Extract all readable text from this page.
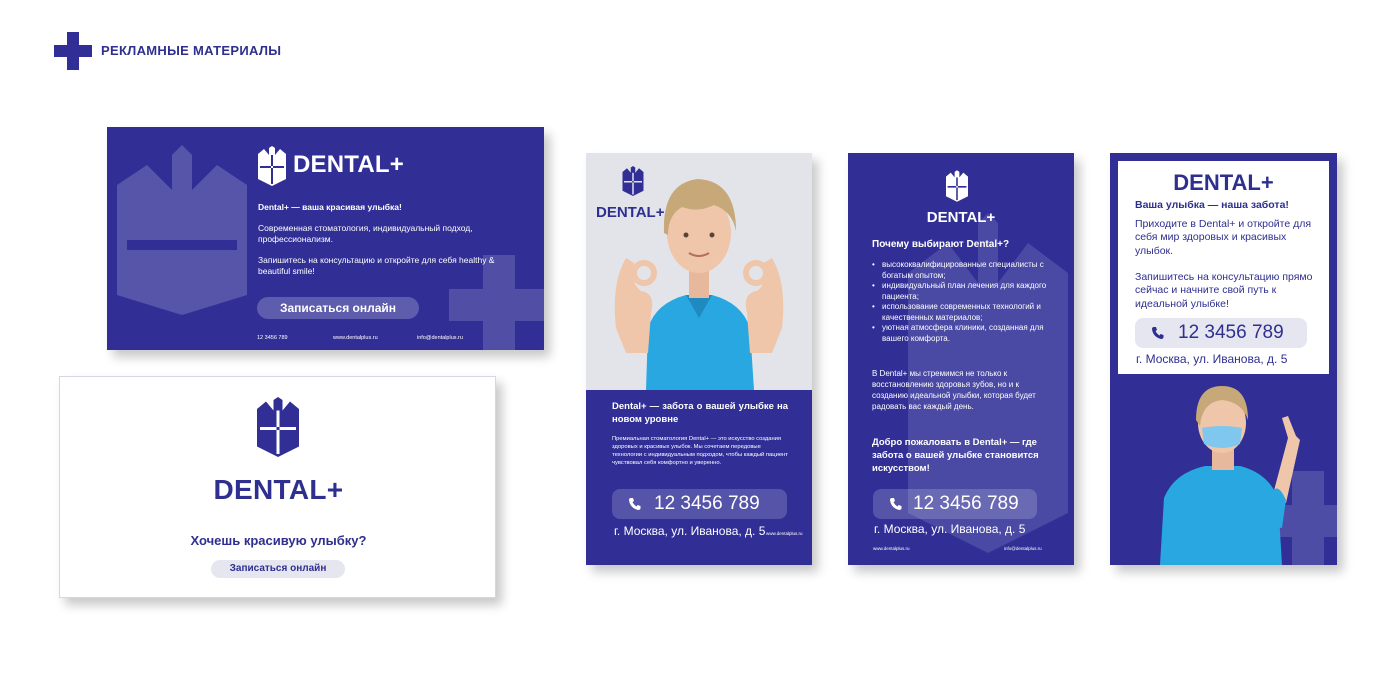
РЕКЛАМНЫЕ МАТЕРИАЛЫ
DENTAL+
Dental+ — ваша красивая улыбка!
Современная стоматология, индивидуальный подход, профессионализм.
Запишитесь на консультацию и откройте для себя healthy & beautiful smile!
Записаться онлайн
12 3456 789	www.dentalplus.ru	info@dentalplus.ru
DENTAL+
Хочешь красивую улыбку?
Записаться онлайн
DENTAL+
Dental+ — забота о вашей улыбке на новом уровне
Премиальная стоматология Dental+ — это искусство создания здоровых и красивых улыбок. Мы сочетаем передовые технологии с индивидуальным подходом, чтобы каждый пациент чувствовал себя комфортно и уверенно.
12 3456 789
г. Москва, ул. Иванова, д. 5 www.dentalplus.ru
DENTAL+
Почему выбирают Dental+?
• высококвалифицированные специалисты с богатым опытом;
• индивидуальный план лечения для каждого пациента;
• использование современных технологий и качественных материалов;
• уютная атмосфера клиники, созданная для вашего комфорта.
В Dental+ мы стремимся не только к восстановлению здоровья зубов, но и к созданию идеальной улыбки, которая будет радовать вас каждый день.
Добро пожаловать в Dental+ — где забота о вашей улыбке становится искусством!
12 3456 789
г. Москва, ул. Иванова, д. 5
www.dentalplus.ru	info@dentalplus.ru
DENTAL+
Ваша улыбка — наша забота!
Приходите в Dental+ и откройте для себя мир здоровых и красивых улыбок.
Запишитесь на консультацию прямо сейчас и начните свой путь к идеальной улыбке!
12 3456 789
г. Москва, ул. Иванова, д. 5
